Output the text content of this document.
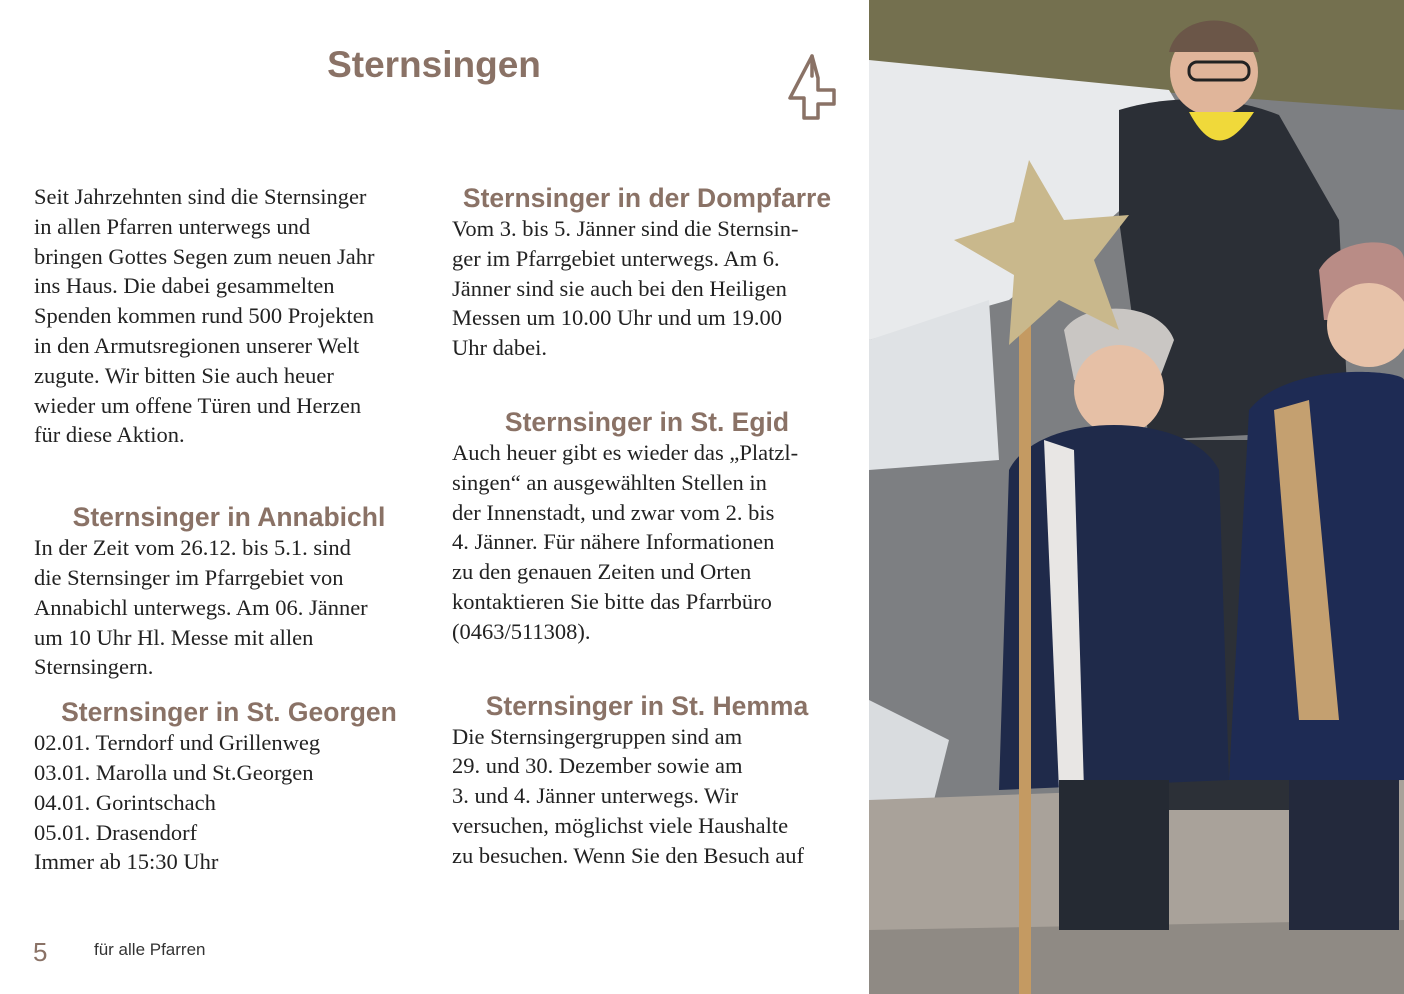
Sternsingen

Seit Jahrzehnten sind die Sternsinger
in allen Pfarren unterwegs und
bringen Gottes Segen zum neuen Jahr
ins Haus. Die dabei gesammelten
Spenden kommen rund 500 Projekten
in den Armutsregionen unserer Welt
zugute. Wir bitten Sie auch heuer
wieder um offene Türen und Herzen
für diese Aktion.

Sternsinger in Annabichl

In der Zeit vom 26.12. bis 5.1. sind
die Sternsinger im Pfarrgebiet von
Annabichl unterwegs. Am 06. Jänner
um 10 Uhr Hl. Messe mit allen
Sternsingern.

Sternsinger in St. Georgen
02.01. Terndorf und Grillenweg
03.01. Marolla und St.Georgen
04.01. Gorintschach
05.01. Drasendorf
Immer ab 15:30 Uhr
Sternsinger in der Dompfarre

Vom 3. bis 5. Jänner sind die Sternsin-
ger im Pfarrgebiet unterwegs. Am 6.
Jänner sind sie auch bei den Heiligen
Messen um 10.00 Uhr und um 19.00
Uhr dabei.

Sternsinger in St. Egid

Auch heuer gibt es wieder das „Platzl-
singen“ an ausgewählten Stellen in
der Innenstadt, und zwar vom 2. bis
4. Jänner. Für nähere Informationen
zu den genauen Zeiten und Orten
kontaktieren Sie bitte das Pfarrbüro
(0463/511308).

Sternsinger in St. Hemma

Die Sternsingergruppen sind am
29. und 30. Dezember sowie am
3. und 4. Jänner unterwegs. Wir
versuchen, möglichst viele Haushalte
zu besuchen. Wenn Sie den Besuch auf

5	für alle Pfarren
